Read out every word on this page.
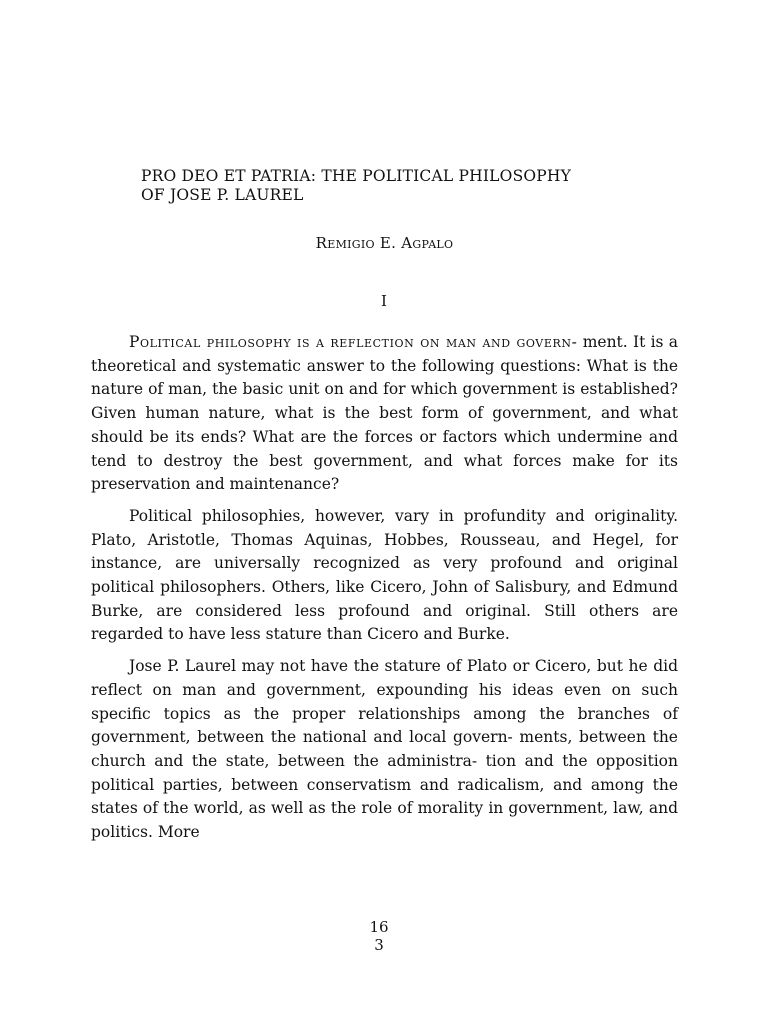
PRO DEO ET PATRIA: THE POLITICAL PHILOSOPHY
OF JOSE P. LAUREL
Remigio E. Agpalo
I

Political philosophy is a reflection on man and govern- ment. It is a theoretical and systematic answer to the following questions: What is the nature of man, the basic unit on and for which government is established? Given human nature, what is the best form of government, and what should be its ends? What are the forces or factors which undermine and tend to destroy the best government, and what forces make for its preservation and maintenance?

Political philosophies, however, vary in profundity and originality. Plato, Aristotle, Thomas Aquinas, Hobbes, Rousseau, and Hegel, for instance, are universally recognized as very profound and original political philosophers. Others, like Cicero, John of Salisbury, and Edmund Burke, are considered less profound and original. Still others are regarded to have less stature than Cicero and Burke.

Jose P. Laurel may not have the stature of Plato or Cicero, but he did reflect on man and government, expounding his ideas even on such specific topics as the proper relationships among the branches of government, between the national and local govern- ments, between the church and the state, between the administra- tion and the opposition political parties, between conservatism and radicalism, and among the states of the world, as well as the role of morality in government, law, and politics. More

16
3
